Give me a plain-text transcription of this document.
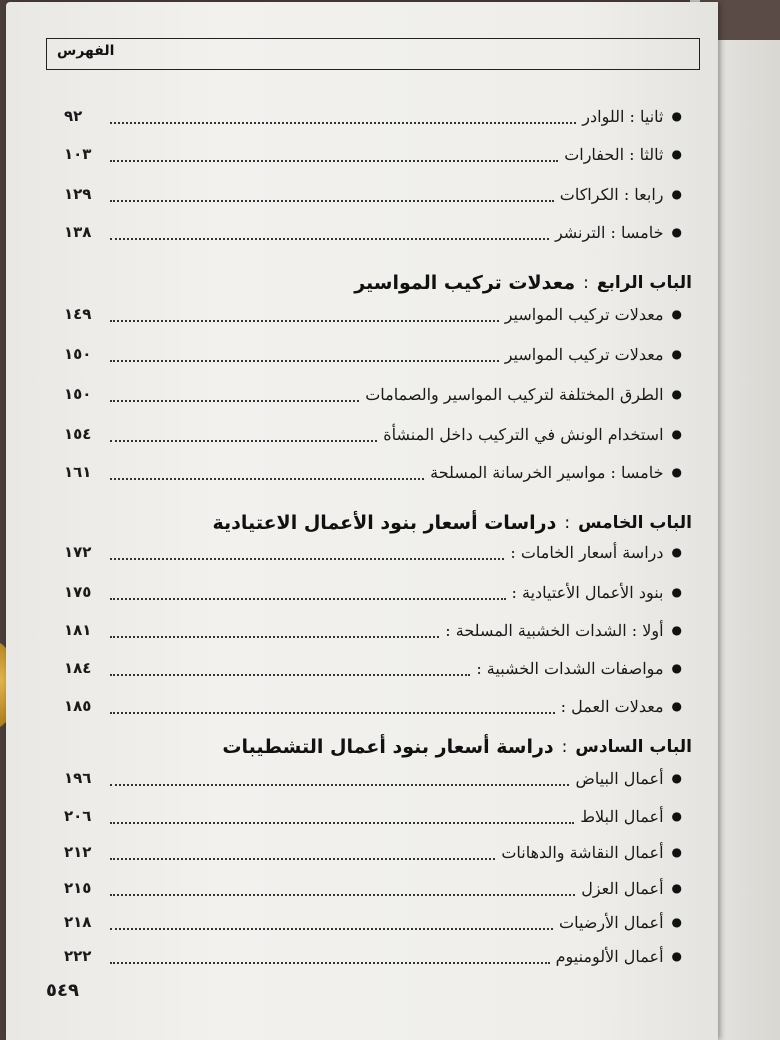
الفهرس
●
ثانيا : اللوادر
٩٢
●
ثالثا : الحفارات
١٠٣
●
رابعا : الكراكات
١٢٩
●
خامسا : الترنشر
١٣٨
الباب الرابع
:
معدلات تركيب المواسير
●
معدلات تركيب المواسير
١٤٩
●
معدلات تركيب المواسير
١٥٠
●
الطرق المختلفة لتركيب المواسير والصمامات
١٥٠
●
استخدام الونش في التركيب داخل المنشأة
١٥٤
●
خامسا : مواسير الخرسانة المسلحة
١٦١
الباب الخامس
:
دراسات أسعار بنود الأعمال الاعتيادية
●
دراسة أسعار الخامات :
١٧٢
●
بنود الأعمال الأعتيادية :
١٧٥
●
أولا : الشدات الخشبية المسلحة :
١٨١
●
مواصفات الشدات الخشبية :
١٨٤
●
معدلات العمل :
١٨٥
الباب السادس
:
دراسة أسعار بنود أعمال التشطيبات
●
أعمال البياض
١٩٦
●
أعمال البلاط
٢٠٦
●
أعمال النقاشة والدهانات
٢١٢
●
أعمال العزل
٢١٥
●
أعمال الأرضيات
٢١٨
●
أعمال الألومنيوم
٢٢٢
٥٤٩
